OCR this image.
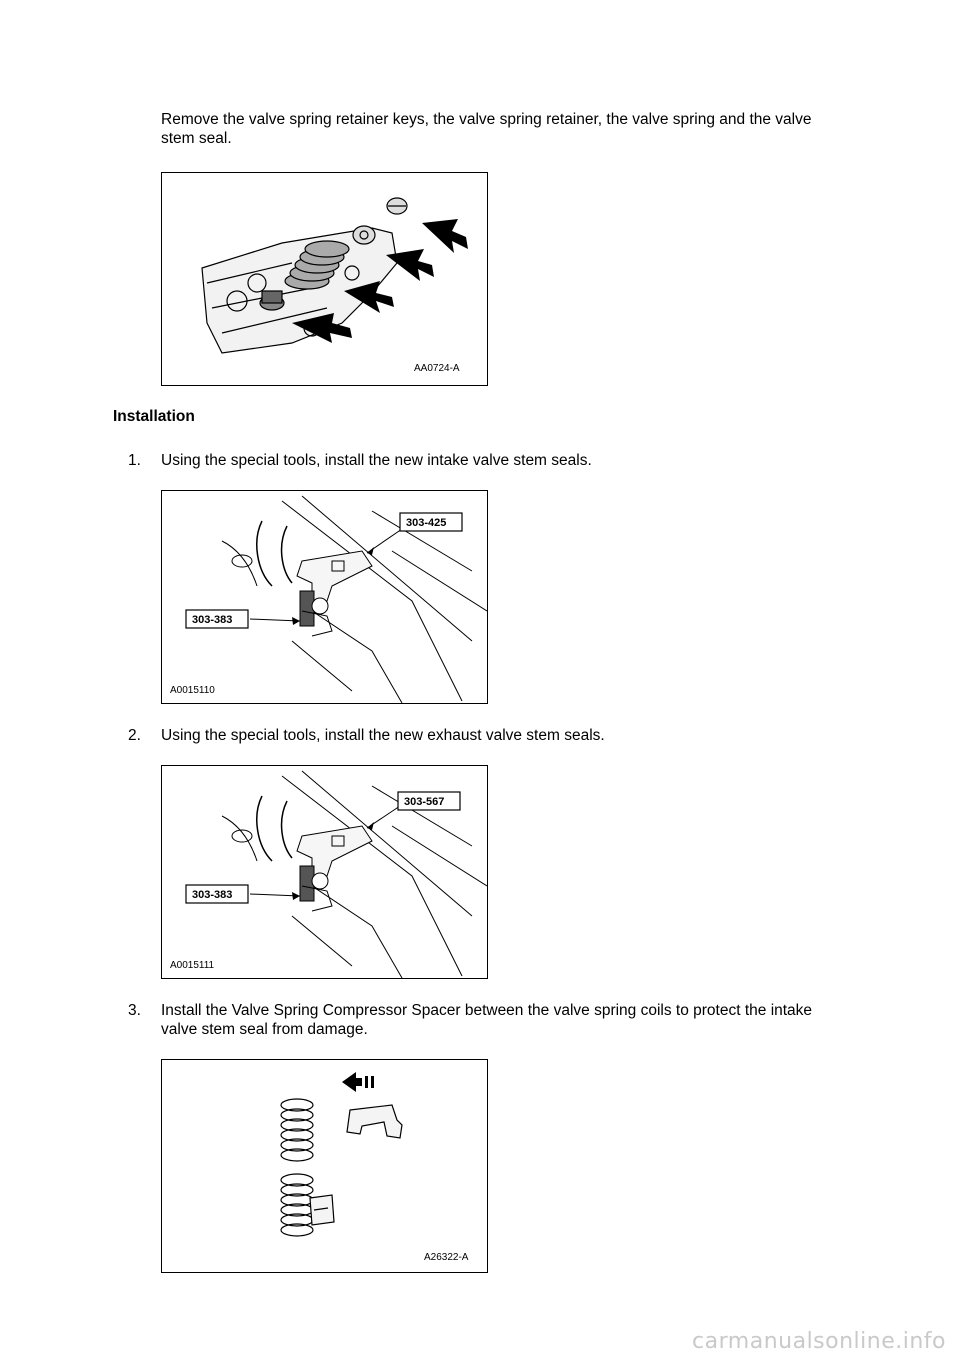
Remove the valve spring retainer keys, the valve spring retainer, the valve spring and the valve
stem seal.
AA0724-A
Installation
1.	Using the special tools, install the new intake valve stem seals.
303-425
303-383
A0015110
2.	Using the special tools, install the new exhaust valve stem seals.
303-567
303-383
A0015111
3.	Install the Valve Spring Compressor Spacer between the valve spring coils to protect the intake
valve stem seal from damage.
A26322-A
carmanualsonline.info
